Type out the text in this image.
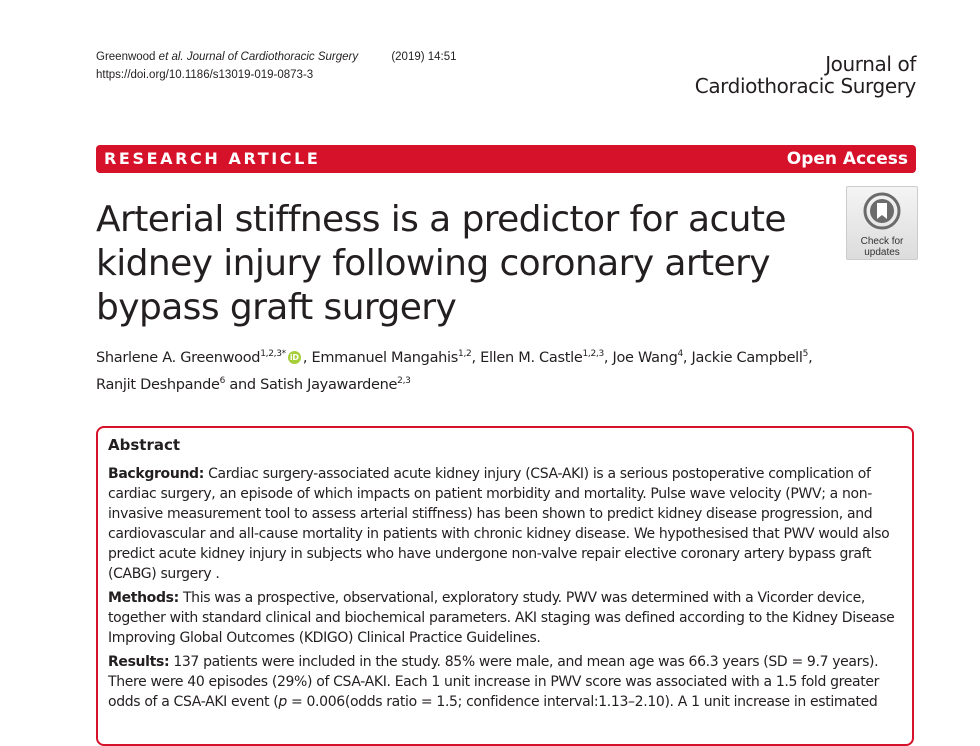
Greenwood et al. Journal of Cardiothoracic Surgery	(2019) 14:51
https://doi.org/10.1186/s13019-019-0873-3	Journal of
Cardiothoracic Surgery
RESEARCH ARTICLE	Open Access
Arterial stiffness is a predictor for acute kidney injury following coronary artery bypass graft surgery
Check for
updates
Sharlene A. Greenwood$^{1,2,3*}$ iD , Emmanuel Mangahis$^{1,2}$, Ellen M. Castle$^{1,2,3}$, Joe Wang$^4$, Jackie Campbell$^5$,
Ranjit Deshpande$^6$ and Satish Jayawardene$^{2,3}$
Abstract

Background: Cardiac surgery-associated acute kidney injury (CSA-AKI) is a serious postoperative complication of cardiac surgery, an episode of which impacts on patient morbidity and mortality. Pulse wave velocity (PWV; a non-invasive measurement tool to assess arterial stiffness) has been shown to predict kidney disease progression, and cardiovascular and all-cause mortality in patients with chronic kidney disease. We hypothesised that PWV would also predict acute kidney injury in subjects who have undergone non-valve repair elective coronary artery bypass graft (CABG) surgery .

Methods: This was a prospective, observational, exploratory study. PWV was determined with a Vicorder device, together with standard clinical and biochemical parameters. AKI staging was defined according to the Kidney Disease Improving Global Outcomes (KDIGO) Clinical Practice Guidelines.

Results: 137 patients were included in the study. 85% were male, and mean age was 66.3 years (SD = 9.7 years). There were 40 episodes (29%) of CSA-AKI. Each 1 unit increase in PWV score was associated with a 1.5 fold greater odds of a CSA-AKI event (p = 0.006(odds ratio = 1.5; confidence interval:1.13–2.10). A 1 unit increase in estimated
